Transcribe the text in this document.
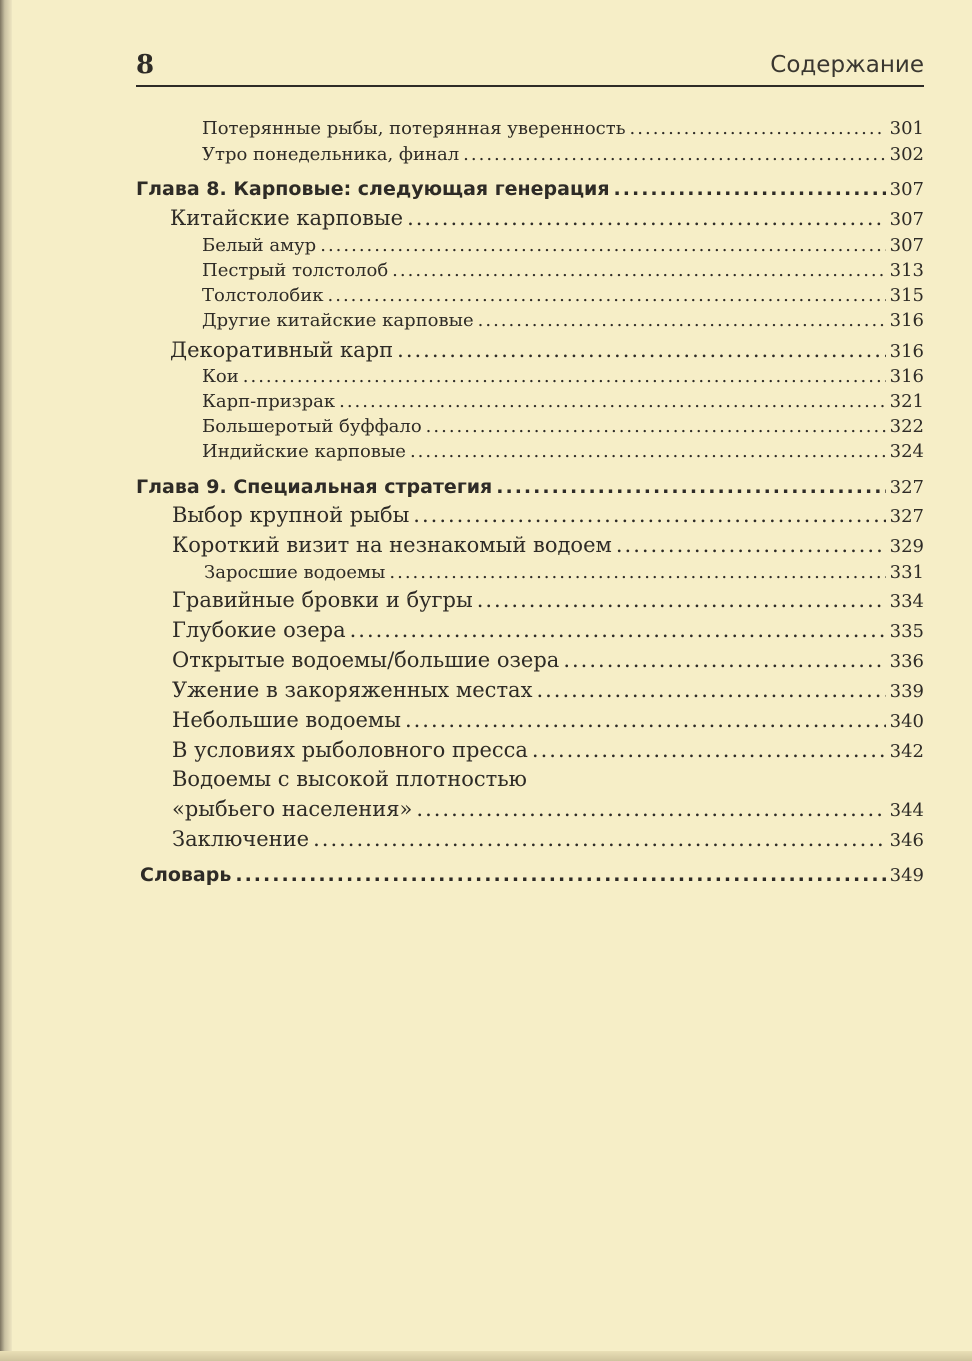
8	Содержание
Потерянные рыбы, потерянная уверенность .....	301
Утро понедельника, финал .....	302
Глава 8. Карповые: следующая генерация .....	307
Китайские карповые .....	307
Белый амур .....	307
Пестрый толстолоб .....	313
Толстолобик .....	315
Другие китайские карповые .....	316
Декоративный карп .....	316
Кои .....	316
Карп-призрак .....	321
Большеротый буффало .....	322
Индийские карповые .....	324
Глава 9. Специальная стратегия .....	327
Выбор крупной рыбы .....	327
Короткий визит на незнакомый водоем .....	329
Заросшие водоемы .....	331
Гравийные бровки и бугры .....	334
Глубокие озера .....	335
Открытые водоемы/большие озера .....	336
Ужение в закоряженных местах .....	339
Небольшие водоемы .....	340
В условиях рыболовного пресса .....	342
Водоемы с высокой плотностью
«рыбьего населения» .....	344
Заключение .....	346
Словарь .....	349
